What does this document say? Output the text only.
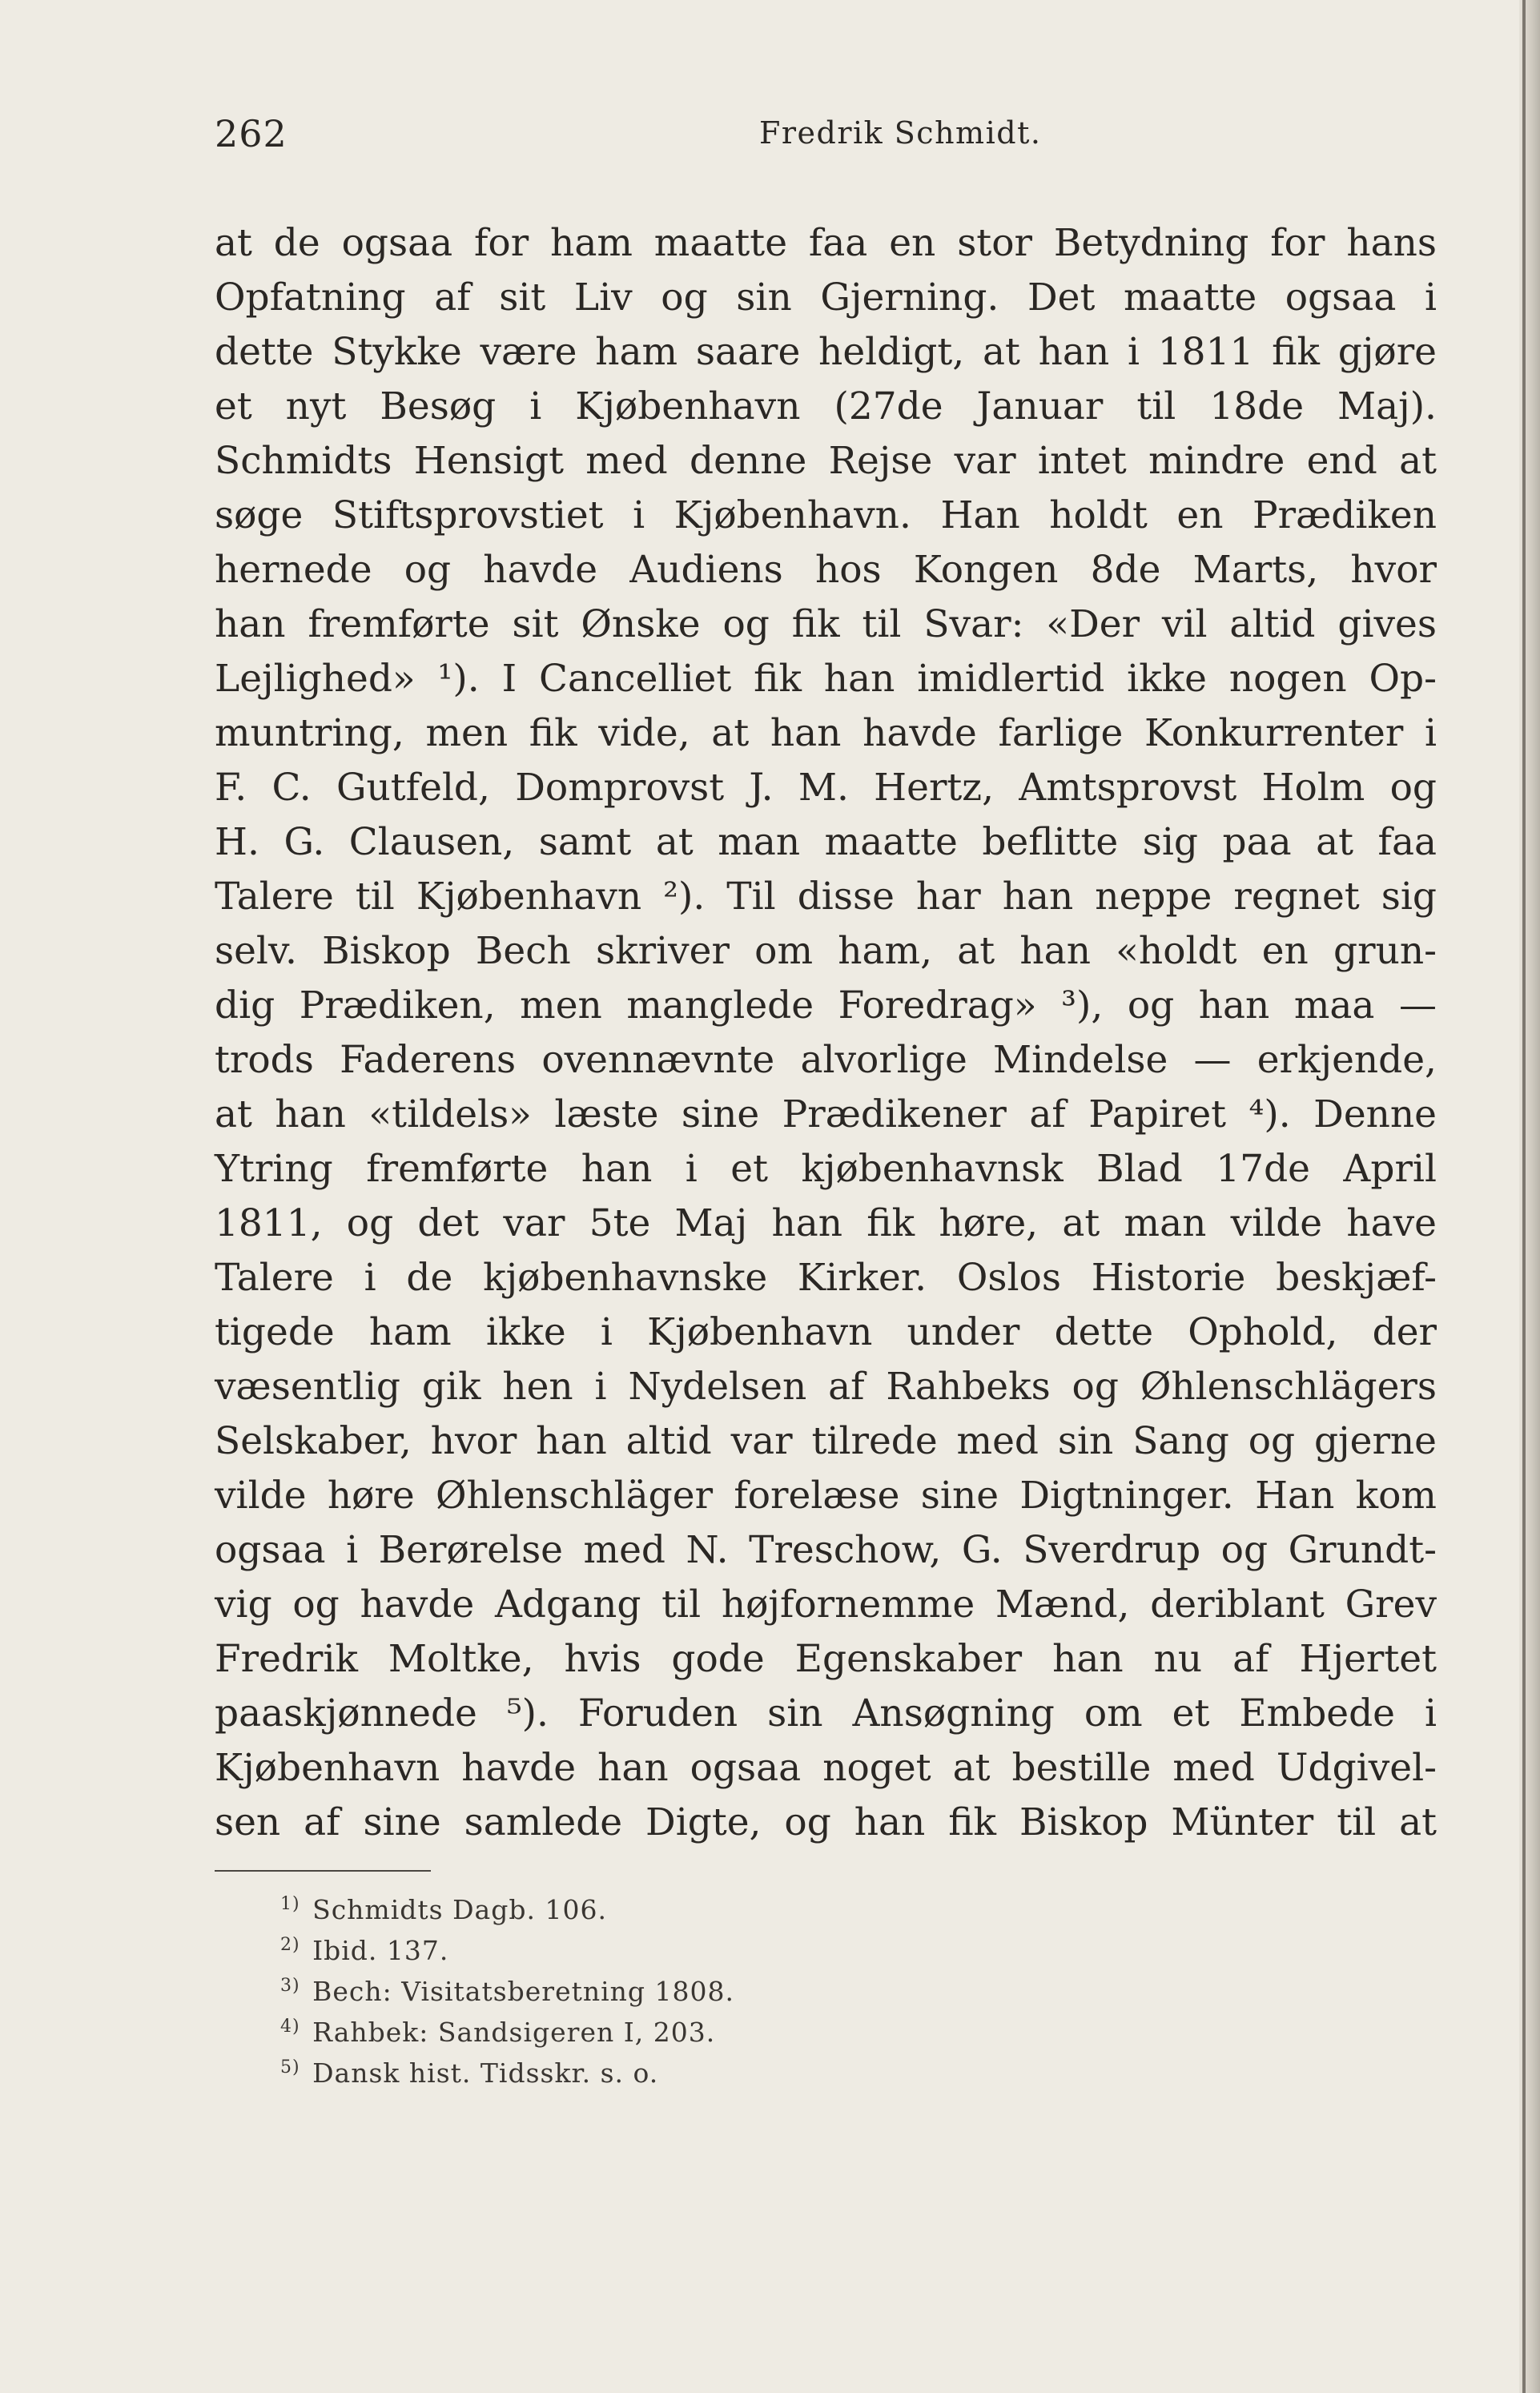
262	Fredrik Schmidt.
at de ogsaa for ham maatte faa en stor Betydning for hans
Opfatning af sit Liv og sin Gjerning. Det maatte ogsaa i
dette Stykke være ham saare heldigt, at han i 1811 fik gjøre
et nyt Besøg i Kjøbenhavn (27de Januar til 18de Maj).
Schmidts Hensigt med denne Rejse var intet mindre end at
søge Stiftsprovstiet i Kjøbenhavn. Han holdt en Prædiken
hernede og havde Audiens hos Kongen 8de Marts, hvor
han fremførte sit Ønske og fik til Svar: «Der vil altid gives
Lejlighed» ¹). I Cancelliet fik han imidlertid ikke nogen Op-
muntring, men fik vide, at han havde farlige Konkurrenter i
F. C. Gutfeld, Domprovst J. M. Hertz, Amtsprovst Holm og
H. G. Clausen, samt at man maatte beflitte sig paa at faa
Talere til Kjøbenhavn ²). Til disse har han neppe regnet sig
selv. Biskop Bech skriver om ham, at han «holdt en grun-
dig Prædiken, men manglede Foredrag» ³), og han maa —
trods Faderens ovennævnte alvorlige Mindelse — erkjende,
at han «tildels» læste sine Prædikener af Papiret ⁴). Denne
Ytring fremførte han i et kjøbenhavnsk Blad 17de April
1811, og det var 5te Maj han fik høre, at man vilde have
Talere i de kjøbenhavnske Kirker. Oslos Historie beskjæf-
tigede ham ikke i Kjøbenhavn under dette Ophold, der
væsentlig gik hen i Nydelsen af Rahbeks og Øhlenschlägers
Selskaber, hvor han altid var tilrede med sin Sang og gjerne
vilde høre Øhlenschläger forelæse sine Digtninger. Han kom
ogsaa i Berørelse med N. Treschow, G. Sverdrup og Grundt-
vig og havde Adgang til højfornemme Mænd, deriblant Grev
Fredrik Moltke, hvis gode Egenskaber han nu af Hjertet
paaskjønnede ⁵). Foruden sin Ansøgning om et Embede i
Kjøbenhavn havde han ogsaa noget at bestille med Udgivel-
sen af sine samlede Digte, og han fik Biskop Münter til at
$^{1)}$ Schmidts Dagb. 106.
$^{2)}$ Ibid. 137.
$^{3)}$ Bech: Visitatsberetning 1808.
$^{4)}$ Rahbek: Sandsigeren I, 203.
$^{5)}$ Dansk hist. Tidsskr. s. o.
